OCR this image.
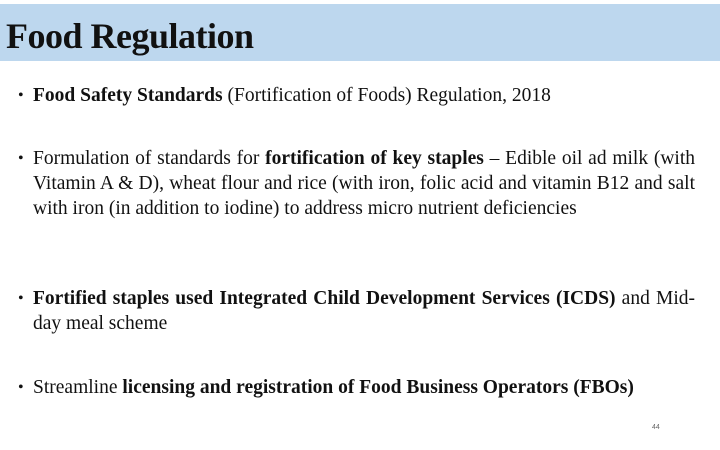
Food Regulation
• Food Safety Standards (Fortification of Foods) Regulation, 2018
• Formulation of standards for fortification of key staples – Edible oil ad milk (with Vitamin A & D), wheat flour and rice (with iron, folic acid and vitamin B12 and salt with iron (in addition to iodine) to address micro nutrient deficiencies
• Fortified staples used Integrated Child Development Services (ICDS) and Mid-day meal scheme
• Streamline licensing and registration of Food Business Operators (FBOs)
44
